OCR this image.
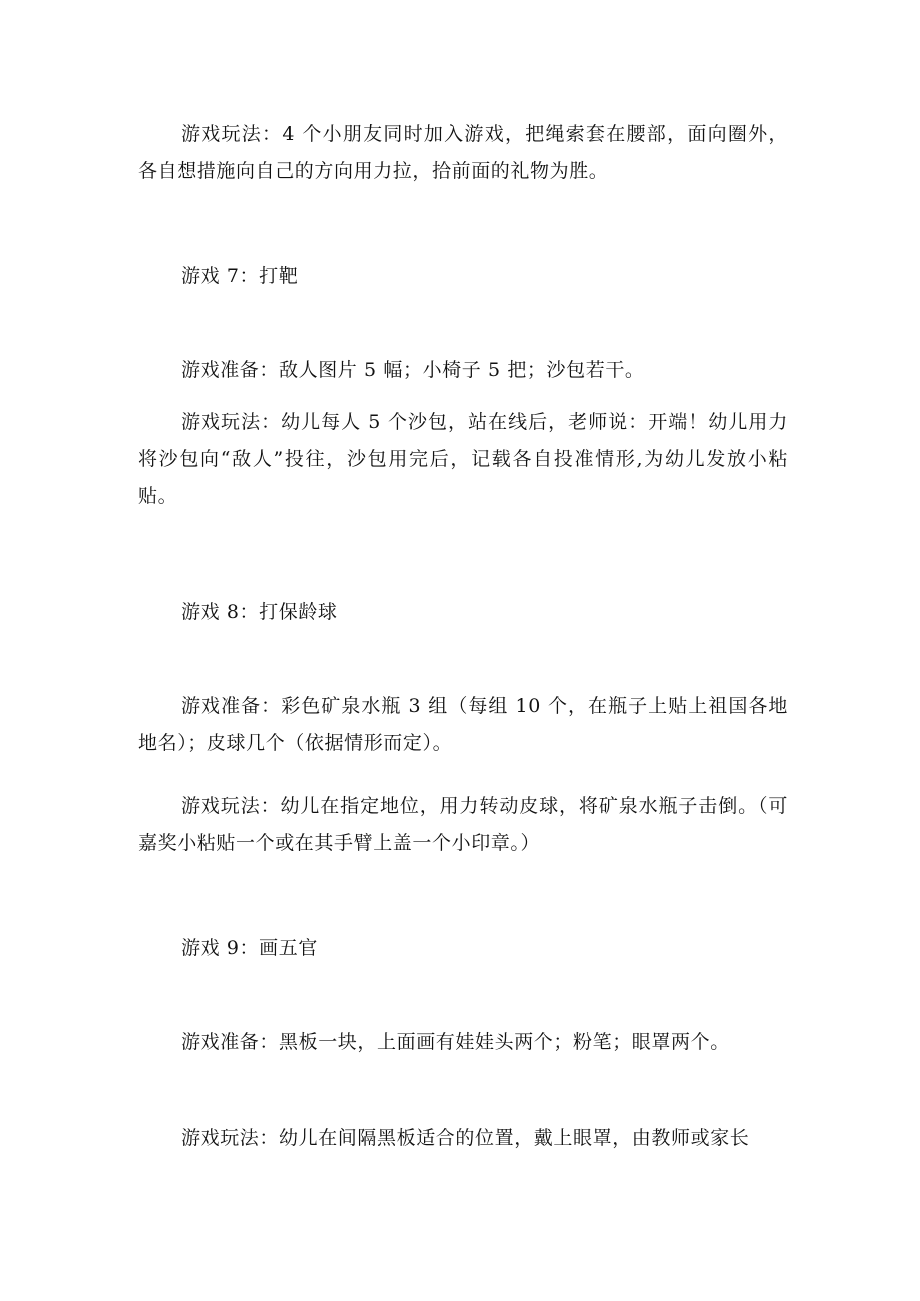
游戏玩法：4 个小朋友同时加入游戏，把绳索套在腰部，面向圈外，各自想措施向自己的方向用力拉，拾前面的礼物为胜。

游戏 7：打靶

游戏准备：敌人图片 5 幅；小椅子 5 把；沙包若干。

游戏玩法：幼儿每人 5 个沙包，站在线后，老师说：开端！幼儿用力将沙包向“敌人”投往，沙包用完后，记载各自投准情形,为幼儿发放小粘贴。

游戏 8：打保龄球

游戏准备：彩色矿泉水瓶 3 组（每组 10 个，在瓶子上贴上祖国各地地名）；皮球几个（依据情形而定）。

游戏玩法：幼儿在指定地位，用力转动皮球，将矿泉水瓶子击倒。（可嘉奖小粘贴一个或在其手臂上盖一个小印章。）

游戏 9：画五官

游戏准备：黑板一块，上面画有娃娃头两个；粉笔；眼罩两个。

游戏玩法：幼儿在间隔黑板适合的位置，戴上眼罩，由教师或家长
